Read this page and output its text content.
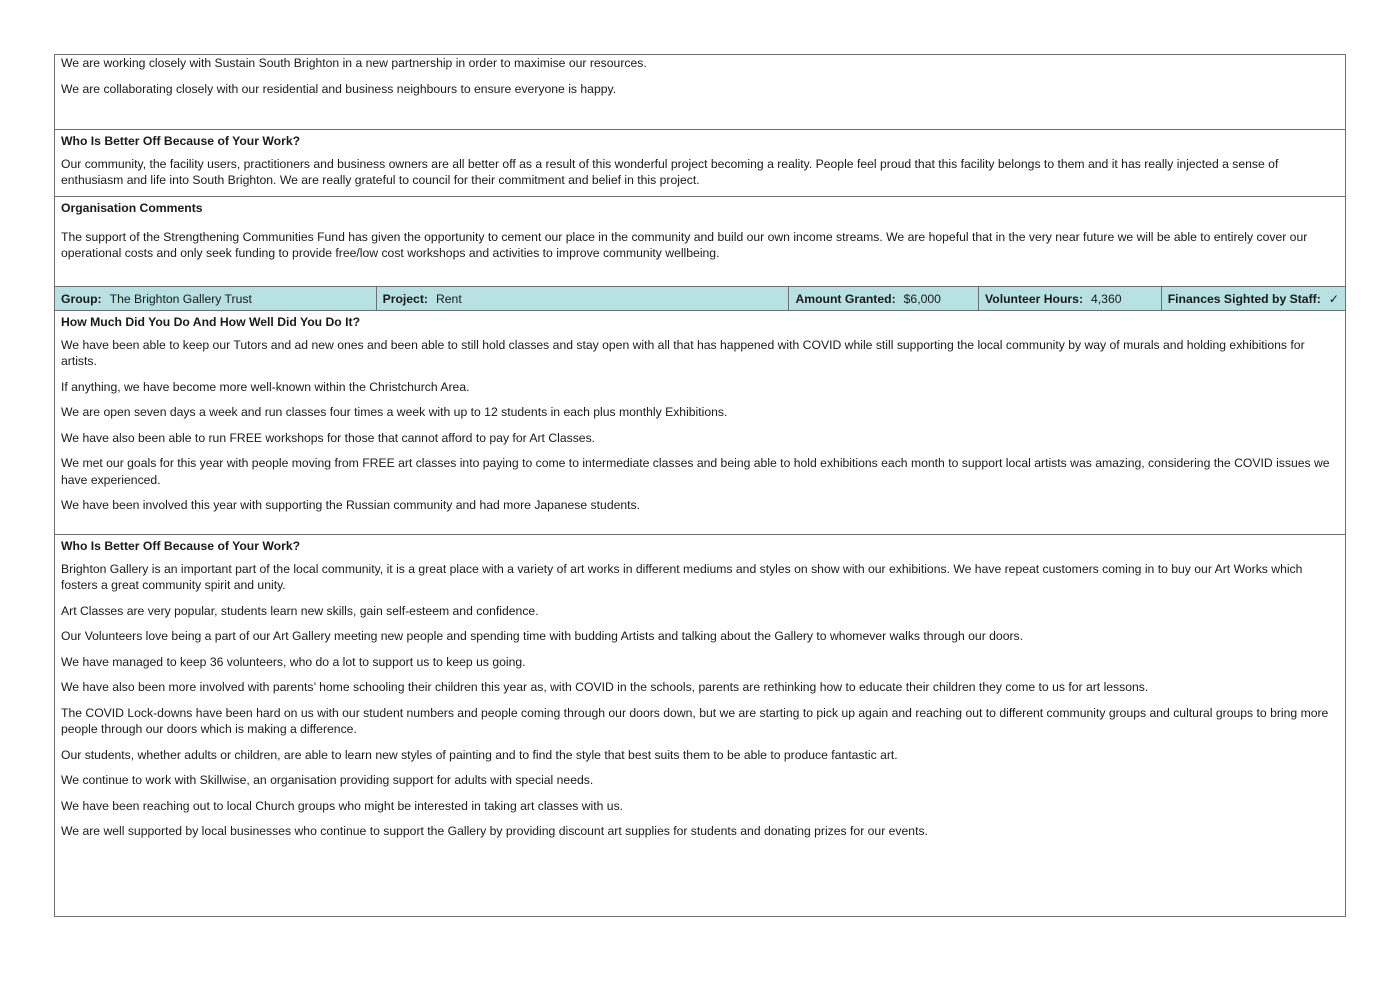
We are working closely with Sustain South Brighton in a new partnership in order to maximise our resources.

We are collaborating closely with our residential and business neighbours to ensure everyone is happy.

Who Is Better Off Because of Your Work?

Our community, the facility users, practitioners and business owners are all better off as a result of this wonderful project becoming a reality. People feel proud that this facility belongs to them and it has really injected a sense of enthusiasm and life into South Brighton. We are really grateful to council for their commitment and belief in this project.

Organisation Comments

The support of the Strengthening Communities Fund has given the opportunity to cement our place in the community and build our own income streams. We are hopeful that in the very near future we will be able to entirely cover our operational costs and only seek funding to provide free/low cost workshops and activities to improve community wellbeing.

Group: The Brighton Gallery Trust	Project: Rent	Amount Granted: $6,000	Volunteer Hours: 4,360	Finances Sighted by Staff: ✓
How Much Did You Do And How Well Did You Do It?

We have been able to keep our Tutors and ad new ones and been able to still hold classes and stay open with all that has happened with COVID while still supporting the local community by way of murals and holding exhibitions for artists.

If anything, we have become more well-known within the Christchurch Area.

We are open seven days a week and run classes four times a week with up to 12 students in each plus monthly Exhibitions.

We have also been able to run FREE workshops for those that cannot afford to pay for Art Classes.

We met our goals for this year with people moving from FREE art classes into paying to come to intermediate classes and being able to hold exhibitions each month to support local artists was amazing, considering the COVID issues we have experienced.

We have been involved this year with supporting the Russian community and had more Japanese students.

Who Is Better Off Because of Your Work?

Brighton Gallery is an important part of the local community, it is a great place with a variety of art works in different mediums and styles on show with our exhibitions. We have repeat customers coming in to buy our Art Works which fosters a great community spirit and unity.

Art Classes are very popular, students learn new skills, gain self-esteem and confidence.

Our Volunteers love being a part of our Art Gallery meeting new people and spending time with budding Artists and talking about the Gallery to whomever walks through our doors.

We have managed to keep 36 volunteers, who do a lot to support us to keep us going.

We have also been more involved with parents’ home schooling their children this year as, with COVID in the schools, parents are rethinking how to educate their children they come to us for art lessons.

The COVID Lock-downs have been hard on us with our student numbers and people coming through our doors down, but we are starting to pick up again and reaching out to different community groups and cultural groups to bring more people through our doors which is making a difference.

Our students, whether adults or children, are able to learn new styles of painting and to find the style that best suits them to be able to produce fantastic art.

We continue to work with Skillwise, an organisation providing support for adults with special needs.

We have been reaching out to local Church groups who might be interested in taking art classes with us.

We are well supported by local businesses who continue to support the Gallery by providing discount art supplies for students and donating prizes for our events.
